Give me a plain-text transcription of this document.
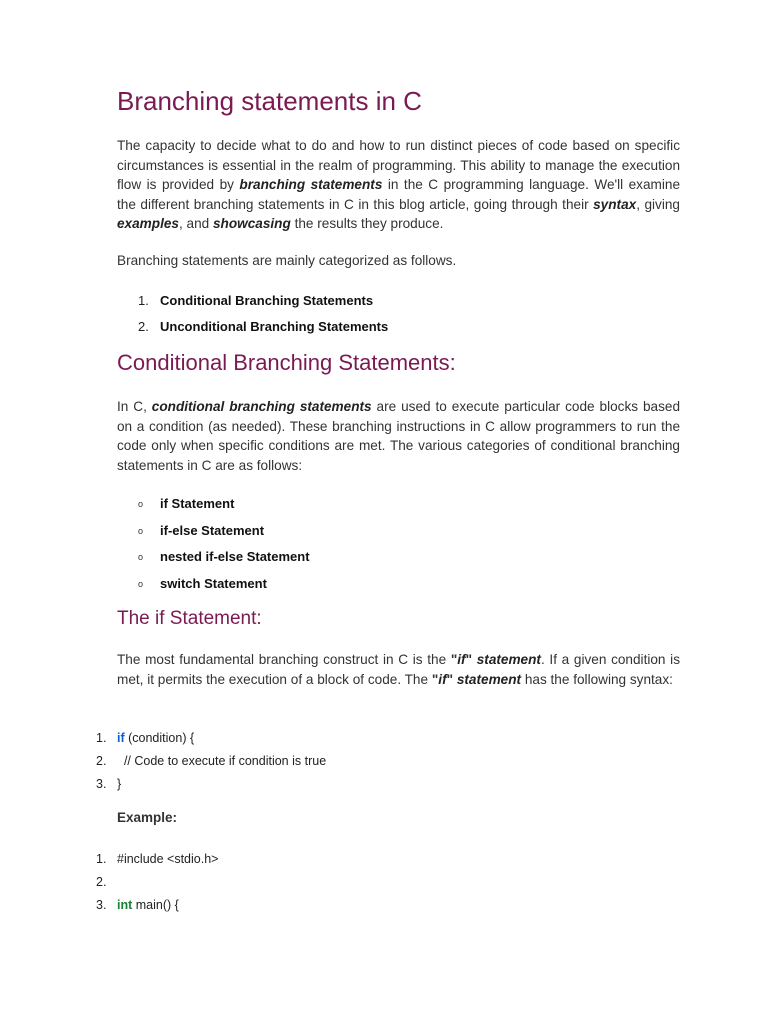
Branching statements in C

The capacity to decide what to do and how to run distinct pieces of code based on specific circumstances is essential in the realm of programming. This ability to manage the execution flow is provided by branching statements in the C programming language. We'll examine the different branching statements in C in this blog article, going through their syntax, giving examples, and showcasing the results they produce.

Branching statements are mainly categorized as follows.

1. Conditional Branching Statements
2. Unconditional Branching Statements
Conditional Branching Statements:

In C, conditional branching statements are used to execute particular code blocks based on a condition (as needed). These branching instructions in C allow programmers to run the code only when specific conditions are met. The various categories of conditional branching statements in C are as follows:

o if Statement
o if-else Statement
o nested if-else Statement
o switch Statement
The if Statement:

The most fundamental branching construct in C is the "if" statement. If a given condition is met, it permits the execution of a block of code. The "if" statement has the following syntax:

1. if (condition) {
2. // Code to execute if condition is true
3. }
Example:
1. #include <stdio.h>
2.
3. int main() {
